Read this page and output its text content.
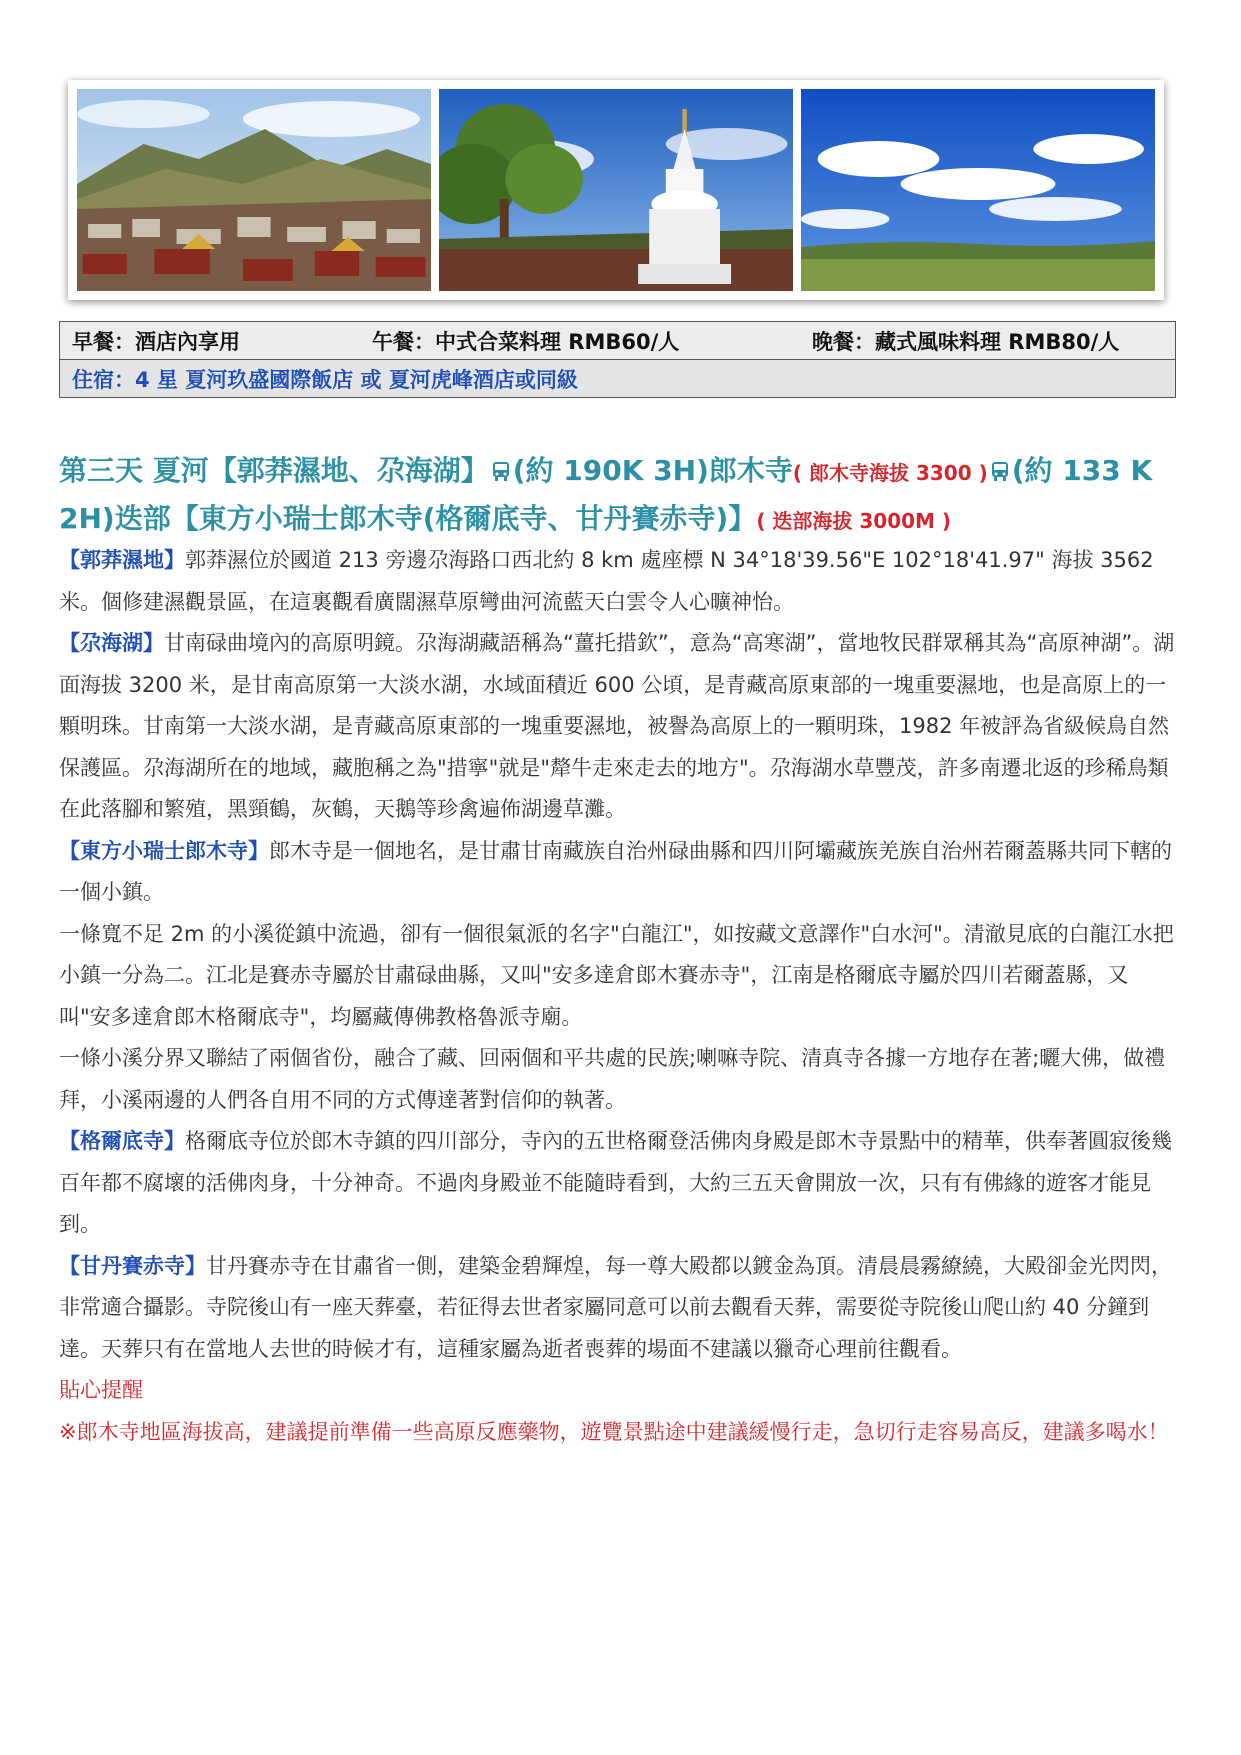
早餐：酒店內享用	午餐：中式合菜料理 RMB60/人	晚餐：藏式風味料理 RMB80/人

住宿：4 星 夏河玖盛國際飯店 或 夏河虎峰酒店或同級
第三天 夏河【郭莽濕地、尕海湖】 (約 190K 3H)郎木寺( 郎木寺海拔 3300 ) (約 133 K 2H)迭部【東方小瑞士郎木寺(格爾底寺、甘丹賽赤寺)】( 迭部海拔 3000M )

【郭莽濕地】郭莽濕位於國道 213 旁邊尕海路口西北約 8 km 處座標 N 34°18'39.56"E 102°18'41.97" 海拔 3562 米。個修建濕觀景區，在這裏觀看廣闊濕草原彎曲河流藍天白雲令人心曠神怡。

【尕海湖】甘南碌曲境內的高原明鏡。尕海湖藏語稱為“薑托措欽”，意為“高寒湖”，當地牧民群眾稱其為“高原神湖”。湖面海拔 3200 米，是甘南高原第一大淡水湖，水域面積近 600 公頃，是青藏高原東部的一塊重要濕地，也是高原上的一顆明珠。甘南第一大淡水湖，是青藏高原東部的一塊重要濕地，被譽為高原上的一顆明珠，1982 年被評為省級候鳥自然保護區。尕海湖所在的地域，藏胞稱之為"措寧"就是"犛牛走來走去的地方"。尕海湖水草豐茂，許多南遷北返的珍稀鳥類在此落腳和繁殖，黑頸鶴，灰鶴，天鵝等珍禽遍佈湖邊草灘。

【東方小瑞士郎木寺】郎木寺是一個地名，是甘肅甘南藏族自治州碌曲縣和四川阿壩藏族羌族自治州若爾蓋縣共同下轄的一個小鎮。

一條寬不足 2m 的小溪從鎮中流過，卻有一個很氣派的名字"白龍江"，如按藏文意譯作"白水河"。清澈見底的白龍江水把小鎮一分為二。江北是賽赤寺屬於甘肅碌曲縣，又叫"安多達倉郎木賽赤寺"，江南是格爾底寺屬於四川若爾蓋縣，又叫"安多達倉郎木格爾底寺"，均屬藏傳佛教格魯派寺廟。

一條小溪分界又聯結了兩個省份，融合了藏、回兩個和平共處的民族;喇嘛寺院、清真寺各據一方地存在著;曬大佛，做禮拜，小溪兩邊的人們各自用不同的方式傳達著對信仰的執著。

【格爾底寺】格爾底寺位於郎木寺鎮的四川部分，寺內的五世格爾登活佛肉身殿是郎木寺景點中的精華，供奉著圓寂後幾百年都不腐壞的活佛肉身，十分神奇。不過肉身殿並不能隨時看到，大約三五天會開放一次，只有有佛緣的遊客才能見到。

【甘丹賽赤寺】甘丹賽赤寺在甘肅省一側，建築金碧輝煌，每一尊大殿都以鍍金為頂。清晨晨霧繚繞，大殿卻金光閃閃，非常適合攝影。寺院後山有一座天葬臺，若征得去世者家屬同意可以前去觀看天葬，需要從寺院後山爬山約 40 分鐘到達。天葬只有在當地人去世的時候才有，這種家屬為逝者喪葬的場面不建議以獵奇心理前往觀看。

貼心提醒

※郎木寺地區海拔高，建議提前準備一些高原反應藥物，遊覽景點途中建議緩慢行走，急切行走容易高反，建議多喝水！
